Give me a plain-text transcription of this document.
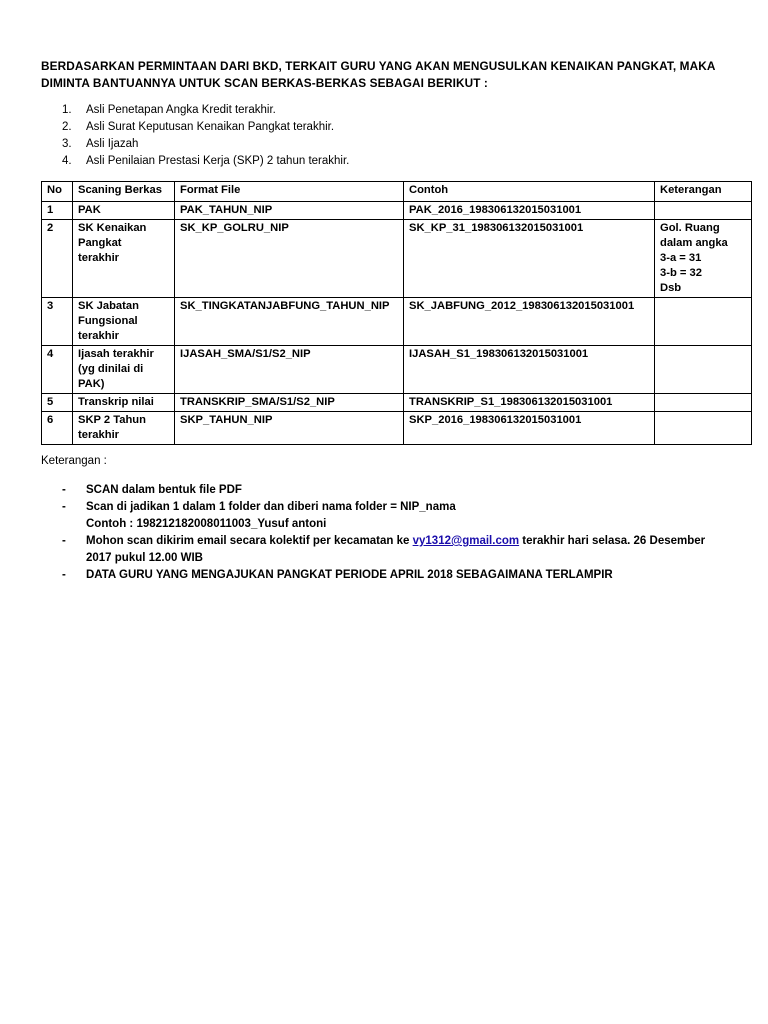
BERDASARKAN PERMINTAAN DARI BKD, TERKAIT GURU YANG AKAN MENGUSULKAN KENAIKAN PANGKAT, MAKA
DIMINTA BANTUANNYA UNTUK SCAN BERKAS-BERKAS SEBAGAI BERIKUT :
1.	Asli Penetapan Angka Kredit terakhir.
2.	Asli Surat Keputusan Kenaikan Pangkat terakhir.
3.	Asli Ijazah
4.	Asli Penilaian Prestasi Kerja (SKP) 2 tahun terakhir.
No	Scaning Berkas	Format File	Contoh	Keterangan
1	PAK	PAK_TAHUN_NIP	PAK_2016_198306132015031001	
2	SK Kenaikan
Pangkat
terakhir	SK_KP_GOLRU_NIP	SK_KP_31_198306132015031001	Gol. Ruang
dalam angka
3-a = 31
3-b = 32
Dsb

3	SK Jabatan
Fungsional
terakhir	SK_TINGKATANJABFUNG_TAHUN_NIP	SK_JABFUNG_2012_198306132015031001	
4	Ijasah terakhir
(yg dinilai di
PAK)	IJASAH_SMA/S1/S2_NIP	IJASAH_S1_198306132015031001	
5	Transkrip nilai	TRANSKRIP_SMA/S1/S2_NIP	TRANSKRIP_S1_198306132015031001	
6	SKP 2 Tahun
terakhir	SKP_TAHUN_NIP	SKP_2016_198306132015031001	
Keterangan :
-	SCAN dalam bentuk file PDF
-	Scan di jadikan 1 dalam 1 folder dan diberi nama folder = NIP_nama
Contoh : 198212182008011003_Yusuf antoni
-	Mohon scan dikirim email secara kolektif per kecamatan ke vy1312@gmail.com terakhir hari selasa. 26 Desember
2017 pukul 12.00 WIB
-	DATA GURU YANG MENGAJUKAN PANGKAT PERIODE APRIL 2018 SEBAGAIMANA TERLAMPIR
